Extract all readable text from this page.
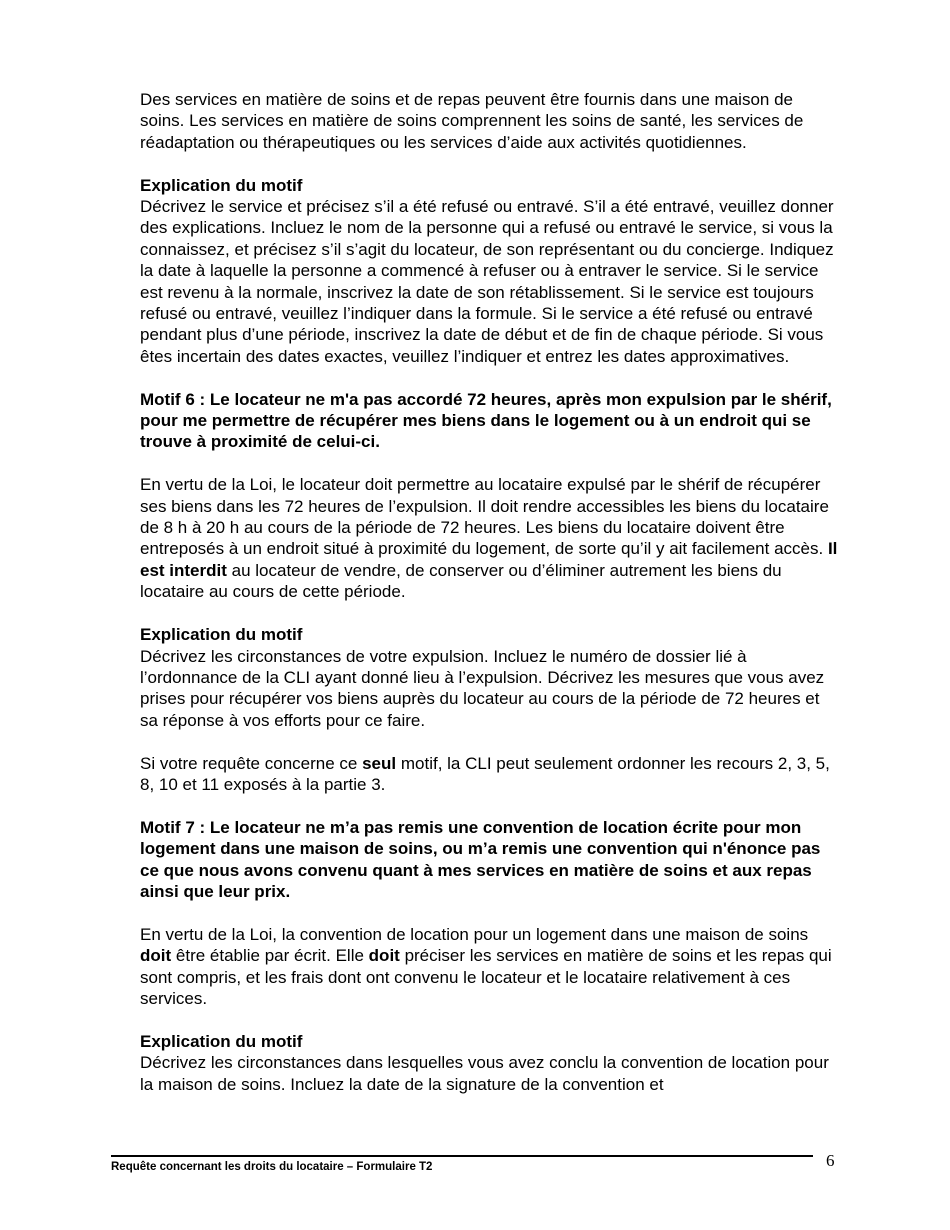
Des services en matière de soins et de repas peuvent être fournis dans une maison de soins. Les services en matière de soins comprennent les soins de santé, les services de réadaptation ou thérapeutiques ou les services d’aide aux activités quotidiennes.

Explication du motif
Décrivez le service et précisez s’il a été refusé ou entravé. S’il a été entravé, veuillez donner des explications. Incluez le nom de la personne qui a refusé ou entravé le service, si vous la connaissez, et précisez s’il s’agit du locateur, de son représentant ou du concierge. Indiquez la date à laquelle la personne a commencé à refuser ou à entraver le service. Si le service est revenu à la normale, inscrivez la date de son rétablissement. Si le service est toujours refusé ou entravé, veuillez l’indiquer dans la formule. Si le service a été refusé ou entravé pendant plus d’une période, inscrivez la date de début et de fin de chaque période. Si vous êtes incertain des dates exactes, veuillez l’indiquer et entrez les dates approximatives.

Motif 6 : Le locateur ne m'a pas accordé 72 heures, après mon expulsion par le shérif, pour me permettre de récupérer mes biens dans le logement ou à un endroit qui se trouve à proximité de celui-ci.

En vertu de la Loi, le locateur doit permettre au locataire expulsé par le shérif de récupérer ses biens dans les 72 heures de l’expulsion. Il doit rendre accessibles les biens du locataire de 8 h à 20 h au cours de la période de 72 heures. Les biens du locataire doivent être entreposés à un endroit situé à proximité du logement, de sorte qu’il y ait facilement accès. Il est interdit au locateur de vendre, de conserver ou d’éliminer autrement les biens du locataire au cours de cette période.

Explication du motif
Décrivez les circonstances de votre expulsion. Incluez le numéro de dossier lié à l’ordonnance de la CLI ayant donné lieu à l’expulsion. Décrivez les mesures que vous avez prises pour récupérer vos biens auprès du locateur au cours de la période de 72 heures et sa réponse à vos efforts pour ce faire.

Si votre requête concerne ce seul motif, la CLI peut seulement ordonner les recours 2, 3, 5, 8, 10 et 11 exposés à la partie 3.

Motif 7 : Le locateur ne m’a pas remis une convention de location écrite pour mon logement dans une maison de soins, ou m’a remis une convention qui n'énonce pas ce que nous avons convenu quant à mes services en matière de soins et aux repas ainsi que leur prix.

En vertu de la Loi, la convention de location pour un logement dans une maison de soins doit être établie par écrit. Elle doit préciser les services en matière de soins et les repas qui sont compris, et les frais dont ont convenu le locateur et le locataire relativement à ces services.

Explication du motif
Décrivez les circonstances dans lesquelles vous avez conclu la convention de location pour la maison de soins. Incluez la date de la signature de la convention et

Requête concernant les droits du locataire – Formulaire T2	6
